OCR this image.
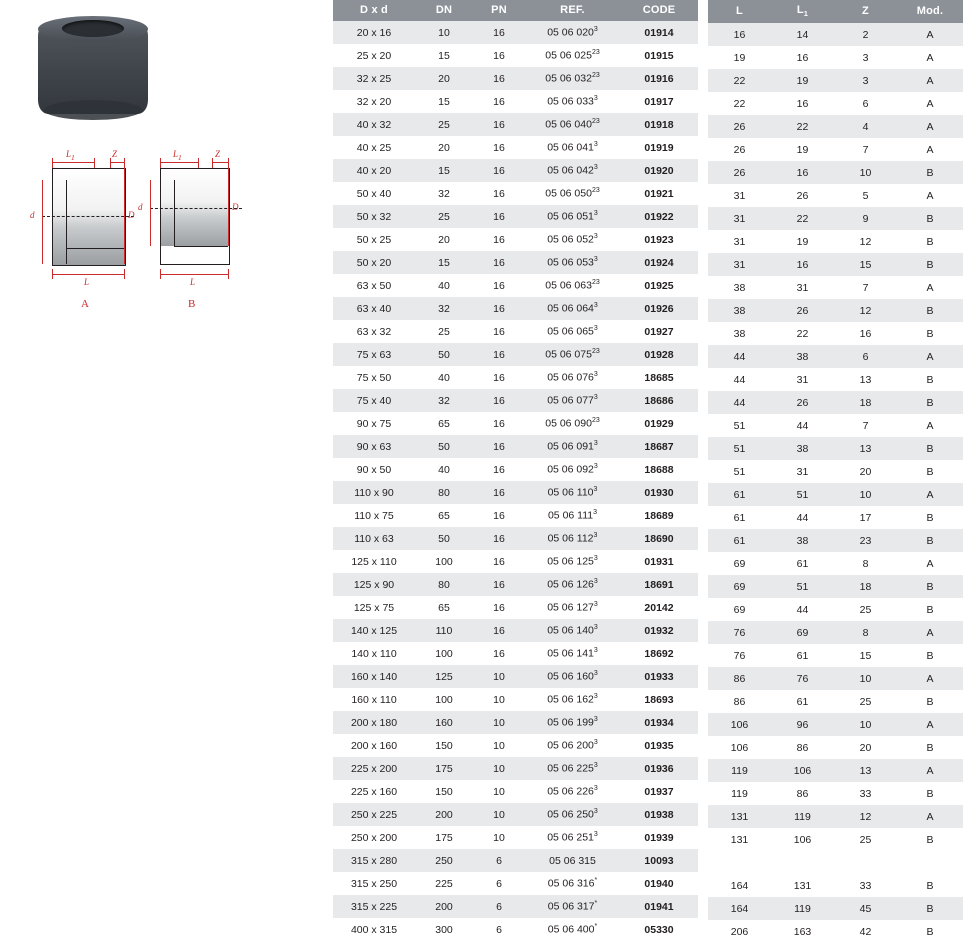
$L_1$	Z
d	D
L
A
$L_1$	Z
d	D
L
B
D x d	DN	PN	REF.	CODE
20 x 16	10	16	05 06 $020^3$	01914
25 x 20	15	16	05 06 $025^{23}$	01915
32 x 25	20	16	05 06 $032^{23}$	01916
32 x 20	15	16	05 06 $033^3$	01917
40 x 32	25	16	05 06 $040^{23}$	01918
40 x 25	20	16	05 06 $041^3$	01919
40 x 20	15	16	05 06 $042^3$	01920
50 x 40	32	16	05 06 $050^{23}$	01921
50 x 32	25	16	05 06 $051^3$	01922
50 x 25	20	16	05 06 $052^3$	01923
50 x 20	15	16	05 06 $053^3$	01924
63 x 50	40	16	05 06 $063^{23}$	01925
63 x 40	32	16	05 06 $064^3$	01926
63 x 32	25	16	05 06 $065^3$	01927
75 x 63	50	16	05 06 $075^{23}$	01928
75 x 50	40	16	05 06 $076^3$	18685
75 x 40	32	16	05 06 $077^3$	18686
90 x 75	65	16	05 06 $090^{23}$	01929
90 x 63	50	16	05 06 $091^3$	18687
90 x 50	40	16	05 06 $092^3$	18688
110 x 90	80	16	05 06 $110^3$	01930
110 x 75	65	16	05 06 $111^3$	18689
110 x 63	50	16	05 06 $112^3$	18690
125 x 110	100	16	05 06 $125^3$	01931
125 x 90	80	16	05 06 $126^3$	18691
125 x 75	65	16	05 06 $127^3$	20142
140 x 125	110	16	05 06 $140^3$	01932
140 x 110	100	16	05 06 $141^3$	18692
160 x 140	125	10	05 06 $160^3$	01933
160 x 110	100	10	05 06 $162^3$	18693
200 x 180	160	10	05 06 $199^3$	01934
200 x 160	150	10	05 06 $200^3$	01935
225 x 200	175	10	05 06 $225^3$	01936
225 x 160	150	10	05 06 $226^3$	01937
250 x 225	200	10	05 06 $250^3$	01938
250 x 200	175	10	05 06 $251^3$	01939
315 x 280	250	6	05 06 315	10093
315 x 250	225	6	05 06 316*	01940
315 x 225	200	6	05 06 317*	01941
400 x 315	300	6	05 06 400*	05330
L	$L_1$	Z	Mod.
16	14	2	A
19	16	3	A
22	19	3	A
22	16	6	A
26	22	4	A
26	19	7	A
26	16	10	B
31	26	5	A
31	22	9	B
31	19	12	B
31	16	15	B
38	31	7	A
38	26	12	B
38	22	16	B
44	38	6	A
44	31	13	B
44	26	18	B
51	44	7	A
51	38	13	B
51	31	20	B
61	51	10	A
61	44	17	B
61	38	23	B
69	61	8	A
69	51	18	B
69	44	25	B
76	69	8	A
76	61	15	B
86	76	10	A
86	61	25	B
106	96	10	A
106	86	20	B
119	106	13	A
119	86	33	B
131	119	12	A
131	106	25	B

164	131	33	B
164	119	45	B
206	163	42	B
